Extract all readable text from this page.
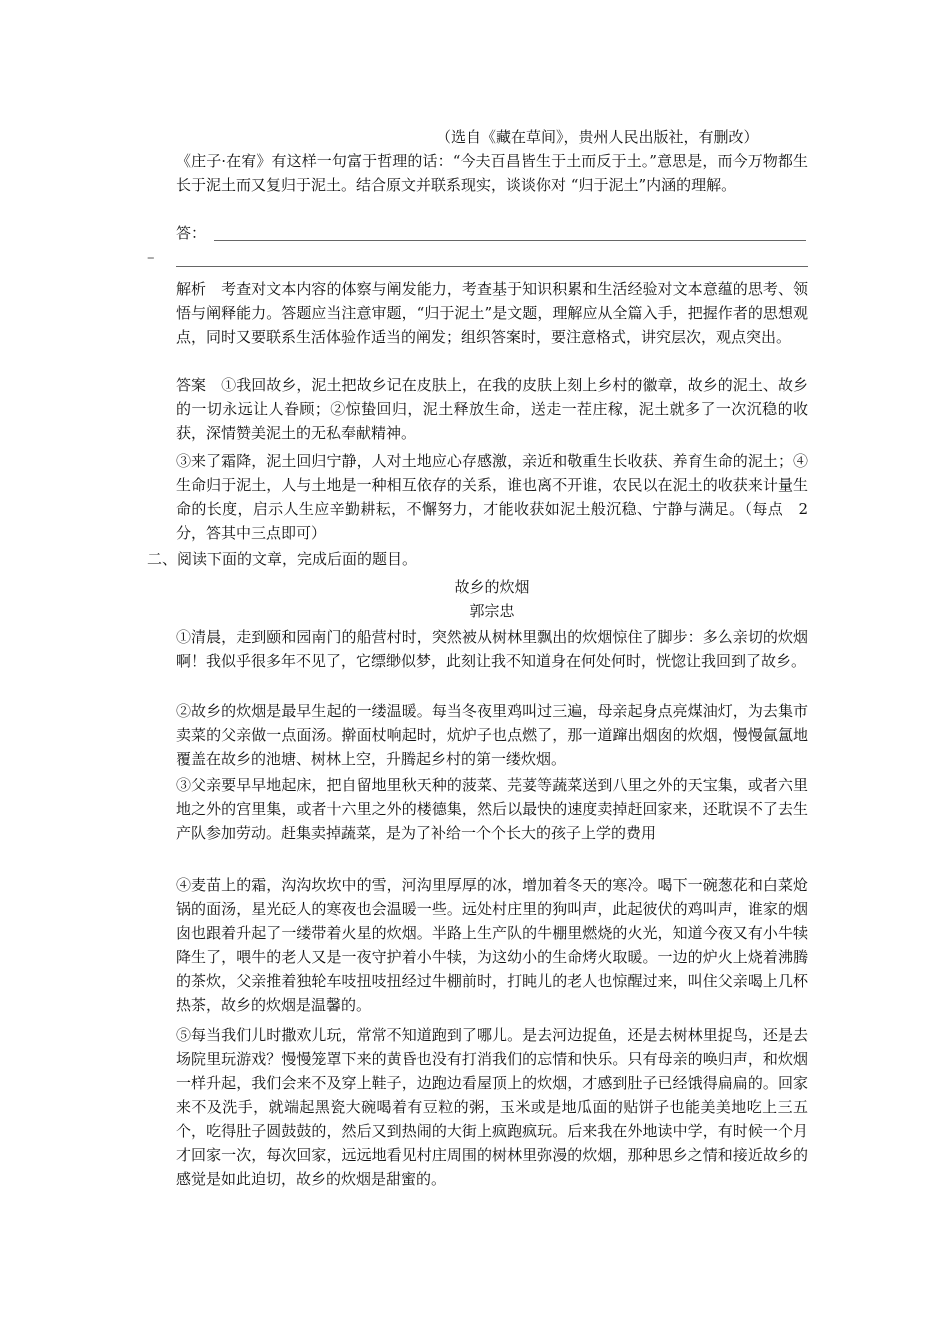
（选自《藏在草间》，贵州人民出版社，有删改）
《庄子·在宥》有这样一句富于哲理的话：“今夫百昌皆生于土而反于土。”意思是，而今万物都生长于泥土而又复归于泥土。结合原文并联系现实，谈谈你对 “归于泥土”内涵的理解。
答：
–
解析　考查对文本内容的体察与阐发能力，考查基于知识积累和生活经验对文本意蕴的思考、领悟与阐释能力。答题应当注意审题，“归于泥土”是文题，理解应从全篇入手，把握作者的思想观点，同时又要联系生活体验作适当的阐发；组织答案时，要注意格式，讲究层次，观点突出。
答案　①我回故乡，泥土把故乡记在皮肤上，在我的皮肤上刻上乡村的徽章，故乡的泥土、故乡的一切永远让人眷顾；②惊蛰回归，泥土释放生命，送走一茬庄稼，泥土就多了一次沉稳的收获，深情赞美泥土的无私奉献精神。
③来了霜降，泥土回归宁静，人对土地应心存感激，亲近和敬重生长收获、养育生命的泥土；④生命归于泥土，人与土地是一种相互依存的关系，谁也离不开谁，农民以在泥土的收获来计量生命的长度，启示人生应辛勤耕耘，不懈努力，才能收获如泥土般沉稳、宁静与满足。（每点　2分，答其中三点即可）
二、阅读下面的文章，完成后面的题目。
故乡的炊烟
郭宗忠
①清晨，走到颐和园南门的船营村时，突然被从树林里飘出的炊烟惊住了脚步：多么亲切的炊烟啊！我似乎很多年不见了，它缥缈似梦，此刻让我不知道身在何处何时，恍惚让我回到了故乡。
②故乡的炊烟是最早生起的一缕温暖。每当冬夜里鸡叫过三遍，母亲起身点亮煤油灯，为去集市卖菜的父亲做一点面汤。擀面杖响起时，炕炉子也点燃了，那一道蹿出烟囱的炊烟，慢慢氤氲地覆盖在故乡的池塘、树林上空，升腾起乡村的第一缕炊烟。
③父亲要早早地起床，把自留地里秋天种的菠菜、芫荽等蔬菜送到八里之外的天宝集，或者六里地之外的宫里集，或者十六里之外的楼德集，然后以最快的速度卖掉赶回家来，还耽误不了去生产队参加劳动。赶集卖掉蔬菜，是为了补给一个个长大的孩子上学的费用
④麦苗上的霜，沟沟坎坎中的雪，河沟里厚厚的冰，增加着冬天的寒冷。喝下一碗葱花和白菜炝锅的面汤，星光砭人的寒夜也会温暖一些。远处村庄里的狗叫声，此起彼伏的鸡叫声，谁家的烟囱也跟着升起了一缕带着火星的炊烟。半路上生产队的牛棚里燃烧的火光，知道今夜又有小牛犊降生了，喂牛的老人又是一夜守护着小牛犊，为这幼小的生命烤火取暖。一边的炉火上烧着沸腾的茶炊，父亲推着独轮车吱扭吱扭经过牛棚前时，打盹儿的老人也惊醒过来，叫住父亲喝上几杯热茶，故乡的炊烟是温馨的。
⑤每当我们儿时撒欢儿玩，常常不知道跑到了哪儿。是去河边捉鱼，还是去树林里捉鸟，还是去场院里玩游戏？慢慢笼罩下来的黄昏也没有打消我们的忘情和快乐。只有母亲的唤归声，和炊烟一样升起，我们会来不及穿上鞋子，边跑边看屋顶上的炊烟，才感到肚子已经饿得扁扁的。回家来不及洗手，就端起黑瓷大碗喝着有豆粒的粥，玉米或是地瓜面的贴饼子也能美美地吃上三五个，吃得肚子圆鼓鼓的，然后又到热闹的大街上疯跑疯玩。后来我在外地读中学，有时候一个月才回家一次，每次回家，远远地看见村庄周围的树林里弥漫的炊烟，那种思乡之情和接近故乡的感觉是如此迫切，故乡的炊烟是甜蜜的。
